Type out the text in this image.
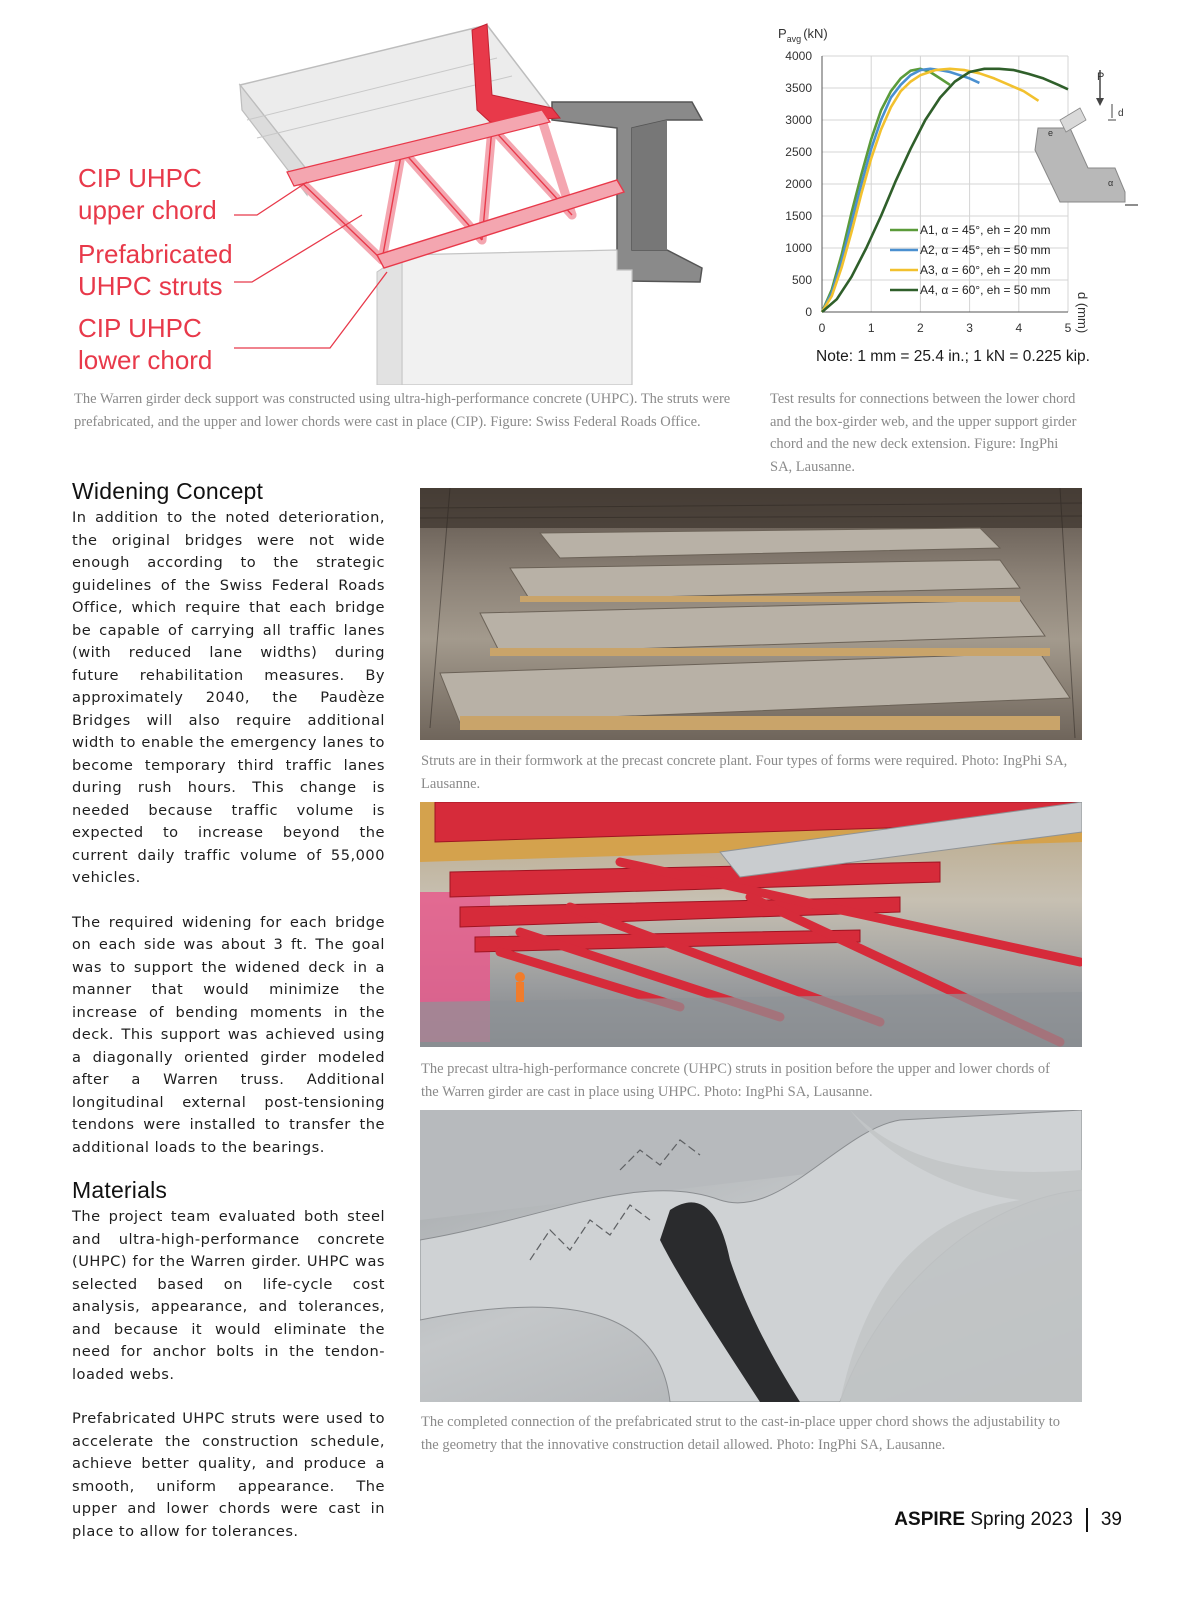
CIP UHPC
upper chord
Prefabricated
UHPC struts
CIP UHPC
lower chord
The Warren girder deck support was constructed using ultra-high-performance concrete (UHPC). The struts were prefabricated, and the upper and lower chords were cast in place (CIP). Figure: Swiss Federal Roads Office.
0
500
1000
1500
2000
2500
3000
3500
4000
0	1	2	3	4	5
$P_{avg}$ (kN)
d (mm)
A1, α = 45°, eh = 20 mm
A2, α = 45°, eh = 50 mm
A3, α = 60°, eh = 20 mm
A4, α = 60°, eh = 50 mm
P
d
e
α
Note: 1 mm = 25.4 in.; 1 kN = 0.225 kip.
Test results for connections between the lower chord and the box-girder web, and the upper support girder chord and the new deck extension. Figure: IngPhi SA, Lausanne.
Widening Concept

In addition to the noted deterioration, the original bridges were not wide enough according to the strategic guidelines of the Swiss Federal Roads Office, which require that each bridge be capable of carrying all traffic lanes (with reduced lane widths) during future rehabilitation measures. By approximately 2040, the Paudèze Bridges will also require additional width to enable the emergency lanes to become temporary third traffic lanes during rush hours. This change is needed because traffic volume is expected to increase beyond the current daily traffic volume of 55,000 vehicles.

The required widening for each bridge on each side was about 3 ft. The goal was to support the widened deck in a manner that would minimize the increase of bending moments in the deck. This support was achieved using a diagonally oriented girder modeled after a Warren truss. Additional longitudinal external post-tensioning tendons were installed to transfer the additional loads to the bearings.

Materials

The project team evaluated both steel and ultra-high-performance concrete (UHPC) for the Warren girder. UHPC was selected based on life-cycle cost analysis, appearance, and tolerances, and because it would eliminate the need for anchor bolts in the tendon-loaded webs.

Prefabricated UHPC struts were used to accelerate the construction schedule, achieve better quality, and produce a smooth, uniform appearance. The upper and lower chords were cast in place to allow for tolerances.

Struts are in their formwork at the precast concrete plant. Four types of forms were required. Photo: IngPhi SA, Lausanne.
The precast ultra-high-performance concrete (UHPC) struts in position before the upper and lower chords of the Warren girder are cast in place using UHPC. Photo: IngPhi SA, Lausanne.
The completed connection of the prefabricated strut to the cast-in-place upper chord shows the adjustability to the geometry that the innovative construction detail allowed. Photo: IngPhi SA, Lausanne.
ASPIRE Spring 2023 39
